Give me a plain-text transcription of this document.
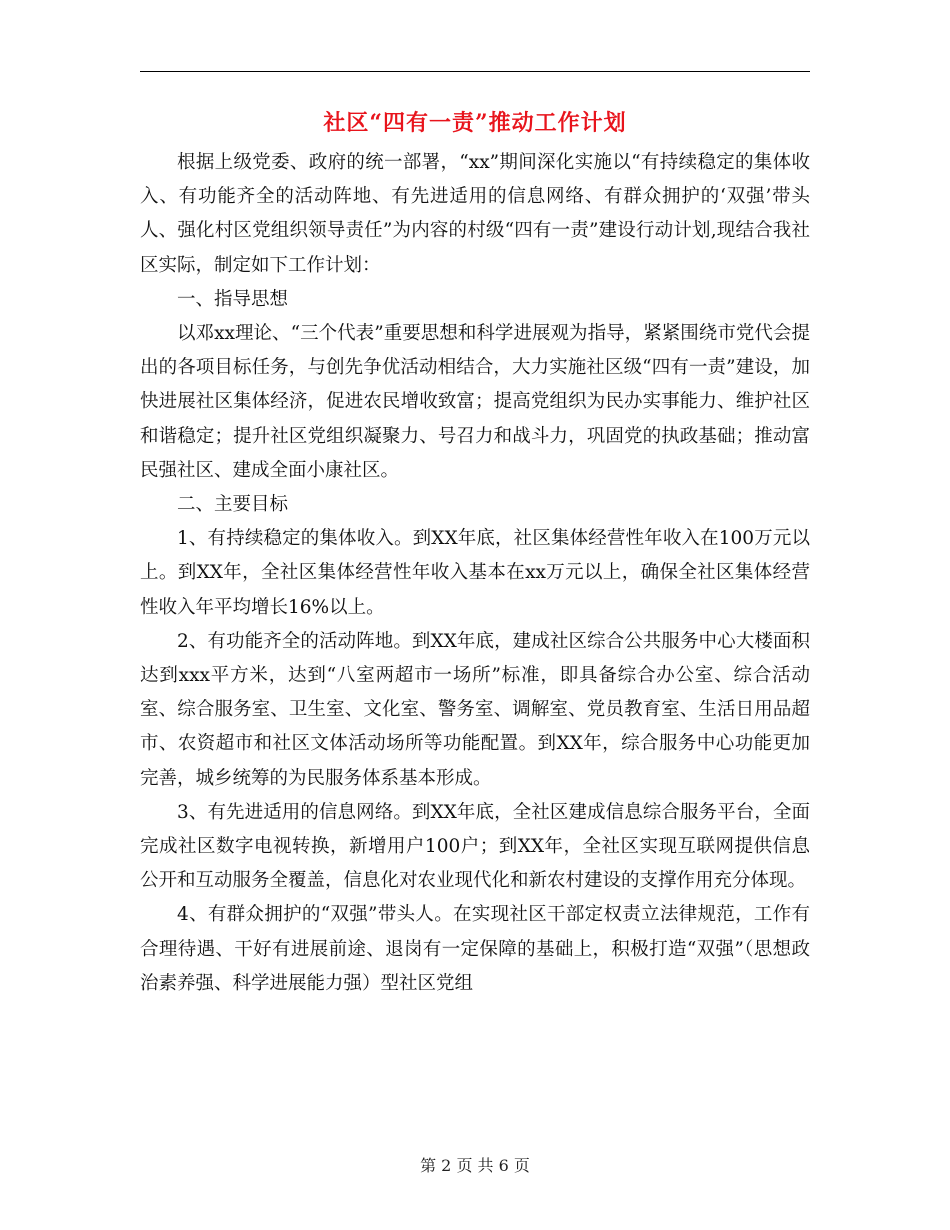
社区“四有一责”推动工作计划

根据上级党委、政府的统一部署，“xx”期间深化实施以“有持续稳定的集体收入、有功能齐全的活动阵地、有先进适用的信息网络、有群众拥护的‘双强’带头人、强化村区党组织领导责任”为内容的村级“四有一责”建设行动计划,现结合我社区实际，制定如下工作计划：

一、指导思想

以邓xx理论、“三个代表”重要思想和科学进展观为指导，紧紧围绕市党代会提出的各项目标任务，与创先争优活动相结合，大力实施社区级“四有一责”建设，加快进展社区集体经济，促进农民增收致富；提高党组织为民办实事能力、维护社区和谐稳定；提升社区党组织凝聚力、号召力和战斗力，巩固党的执政基础；推动富民强社区、建成全面小康社区。

二、主要目标

1、有持续稳定的集体收入。到XX年底，社区集体经营性年收入在100万元以上。到XX年，全社区集体经营性年收入基本在xx万元以上，确保全社区集体经营性收入年平均增长16%以上。

2、有功能齐全的活动阵地。到XX年底，建成社区综合公共服务中心大楼面积达到xxx平方米，达到“八室两超市一场所”标准，即具备综合办公室、综合活动室、综合服务室、卫生室、文化室、警务室、调解室、党员教育室、生活日用品超市、农资超市和社区文体活动场所等功能配置。到XX年，综合服务中心功能更加完善，城乡统筹的为民服务体系基本形成。

3、有先进适用的信息网络。到XX年底，全社区建成信息综合服务平台，全面完成社区数字电视转换，新增用户100户；到XX年，全社区实现互联网提供信息公开和互动服务全覆盖，信息化对农业现代化和新农村建设的支撑作用充分体现。

4、有群众拥护的“双强”带头人。在实现社区干部定权责立法律规范，工作有合理待遇、干好有进展前途、退岗有一定保障的基础上，积极打造“双强”（思想政治素养强、科学进展能力强）型社区党组

第 2 页 共 6 页
